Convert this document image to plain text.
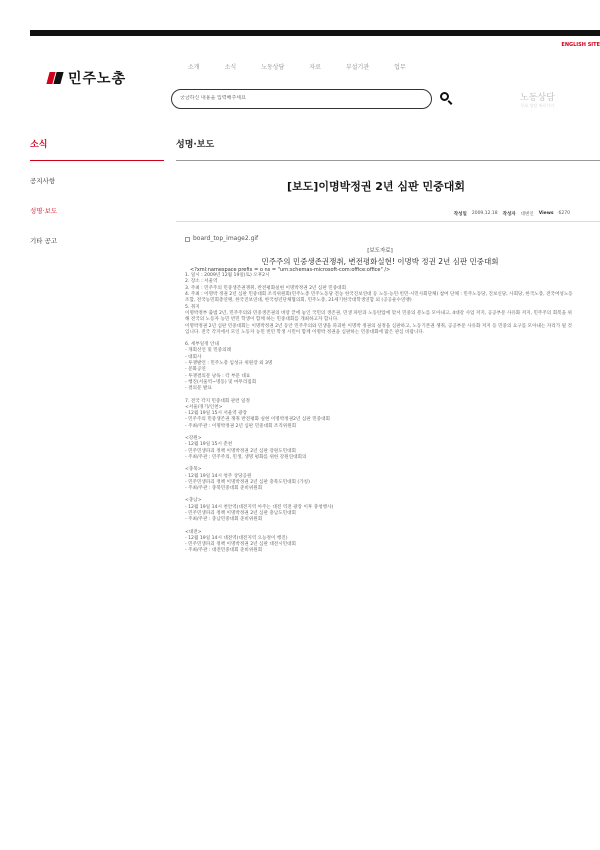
ENGLISH SITE
민주노총
소개	소식	노동상담	자료	부설기관	업무
궁금하신 내용을 입력해주세요
노동상담
무료 상담 바로가기
소식
공지사항
성명·보도
기타 공고
성명·보도
[보도]이명박정권 2년 심판 민중대회
작성일 2009.12.18 작성자 대변인 Views 6270
board_top_image2.gif
[보도자료]
민주주의 민중생존권쟁취, 변전평화실현! 이명박 정권 2년 심판 민중대회
<?xml:namespace prefix = o ns = "urn:schemas-microsoft-com:office:office" />

1. 일시 : 2009년 12월 19일(토) 오후2시

2. 장소 : 서울역

3. 주최 : 민주주의 민중생존권쟁취, 반전평화실현 이명박정권 2년 심판 민중대회

4. 주최 : 이명박 정권 2년 심판 민중대회 조직위원회(민주노총 민주노동당 전농 한국진보연대 등 노동·농민·빈민·시민사회단체) 참여 단체 : 민주노동당, 진보신당, 사회당, 한국노총, 전국여성노동조합, 전국농민회총연맹, 한국진보연대, 한국청년단체협의회, 민주노총, 21세기한국대학생연합 외 (공공운수연맹)

5. 취지

이명박정부 출범 2년, 민주주의와 민중생존권의 벼랑 끝에 놓인 국민의 생존권, 민생 파탄과 노동탄압에 맞서 민중의 분노를 모아내고, 4대강 사업 저지, 공공부문 사유화 저지, 민주주의 회복을 위해 전국의 노동자 농민 빈민 학생이 함께 하는 민중대회를 개최하고자 합니다.

이명박정권 2년 심판 민중대회는 이명박정권 2년 동안 민주주의와 민생을 파괴한 이명박 정권의 실정을 심판하고, 노동기본권 쟁취, 공공부문 사유화 저지 등 민중의 요구를 모아내는 자리가 될 것입니다. 전국 각지에서 모인 노동자 농민 빈민 학생 시민이 함께 이명박 정권을 심판하는 민중대회에 많은 관심 바랍니다.

6. 세부일정 안내

- 개회선언 및 민중의례

- 대회사

- 투쟁발언 : 민주노총 임성규 위원장 외 3명

- 문화공연

- 투쟁결의문 낭독 : 각 부문 대표

- 행진(서울역~명동) 및 마무리집회

- 결의문 발표

7. 전국 각지 민중대회 관련 일정

<서울/경기/인천>

- 12월 19일 15시 서울역 광장

- 민주주의 민중생존권 쟁취 반전평화 실현 이명박정권2년 심판 민중대회

- 주최/주관 : 이명박정권 2년 심판 민중대회 조직위원회

<강원>

- 12월 19일 15시 춘천

- 민주민생파괴 정책 이명박정권 2년 심판 강원도민대회

- 주최/주관 : 민주주의, 민생, 생명 평화를 위한 강원연대회의

<충북>

- 12월 19일 14시 청주 상당공원

- 민주민생파괴 정책 이명박정권 2년 심판 충북도민대회 (가칭)

- 주최/주관 : 충북민중대회 준비위원회

<충남>

- 12월 19일 14시 천안역(대전지역 아주는 대전 역전 광장 이후 충청행사)

- 민주민생파괴 정책 이명박정권 2년 심판 충남도민대회

- 주최/주관 : 충남민중대회 준비위원회

<대전>

- 12월 19일 14시 대전역(대전지역 으능정이 행진)

- 민주민생파괴 정책 이명박정권 2년 심판 대전시민대회

- 주최/주관 : 대전민중대회 준비위원회
